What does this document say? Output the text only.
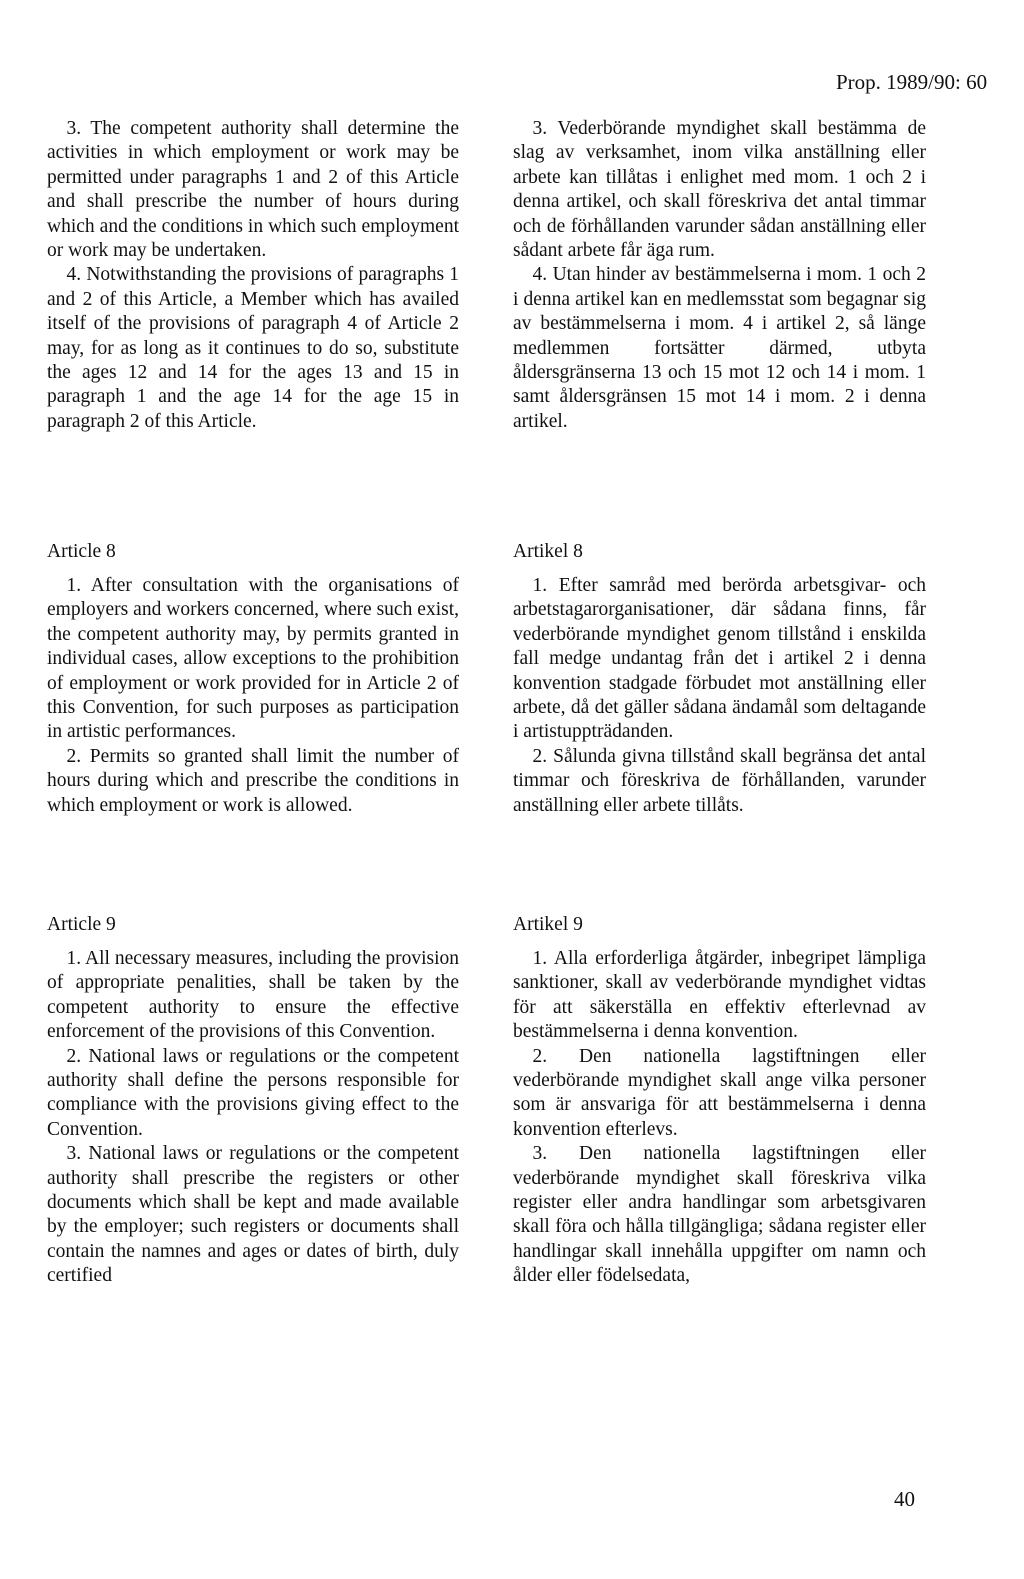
Prop. 1989/90: 60

3. The competent authority shall determine the activities in which employment or work may be permitted under paragraphs 1 and 2 of this Article and shall prescribe the number of hours during which and the conditions in which such employment or work may be undertaken.

4. Notwithstanding the provisions of paragraphs 1 and 2 of this Article, a Member which has availed itself of the provisions of paragraph 4 of Article 2 may, for as long as it continues to do so, substitute the ages 12 and 14 for the ages 13 and 15 in paragraph 1 and the age 14 for the age 15 in paragraph 2 of this Article.

Article 8

1. After consultation with the organisations of employers and workers concerned, where such exist, the competent authority may, by permits granted in individual cases, allow exceptions to the prohibition of employment or work provided for in Article 2 of this Convention, for such purposes as participation in artistic performances.

2. Permits so granted shall limit the number of hours during which and prescribe the conditions in which employment or work is allowed.

Article 9

1. All necessary measures, including the provision of appropriate penalities, shall be taken by the competent authority to ensure the effective enforcement of the provisions of this Convention.

2. National laws or regulations or the competent authority shall define the persons responsible for compliance with the provisions giving effect to the Convention.

3. National laws or regulations or the competent authority shall prescribe the registers or other documents which shall be kept and made available by the employer; such registers or documents shall contain the namnes and ages or dates of birth, duly certified

3. Vederbörande myndighet skall bestämma de slag av verksamhet, inom vilka anställning eller arbete kan tillåtas i enlighet med mom. 1 och 2 i denna artikel, och skall föreskriva det antal timmar och de förhållanden varunder sådan anställning eller sådant arbete får äga rum.

4. Utan hinder av bestämmelserna i mom. 1 och 2 i denna artikel kan en medlemsstat som begagnar sig av bestämmelserna i mom. 4 i artikel 2, så länge medlemmen fortsätter därmed, utbyta åldersgränserna 13 och 15 mot 12 och 14 i mom. 1 samt åldersgränsen 15 mot 14 i mom. 2 i denna artikel.

Artikel 8

1. Efter samråd med berörda arbetsgivar- och arbetstagarorganisationer, där sådana finns, får vederbörande myndighet genom tillstånd i enskilda fall medge undantag från det i artikel 2 i denna konvention stadgade förbudet mot anställning eller arbete, då det gäller sådana ändamål som deltagande i artistuppträdanden.

2. Sålunda givna tillstånd skall begränsa det antal timmar och föreskriva de förhållanden, varunder anställning eller arbete tillåts.

Artikel 9

1. Alla erforderliga åtgärder, inbegripet lämpliga sanktioner, skall av vederbörande myndighet vidtas för att säkerställa en effektiv efterlevnad av bestämmelserna i denna konvention.

2. Den nationella lagstiftningen eller vederbörande myndighet skall ange vilka personer som är ansvariga för att bestämmelserna i denna konvention efterlevs.

3. Den nationella lagstiftningen eller vederbörande myndighet skall föreskriva vilka register eller andra handlingar som arbetsgivaren skall föra och hålla tillgängliga; sådana register eller handlingar skall innehålla uppgifter om namn och ålder eller födelsedata,

40
